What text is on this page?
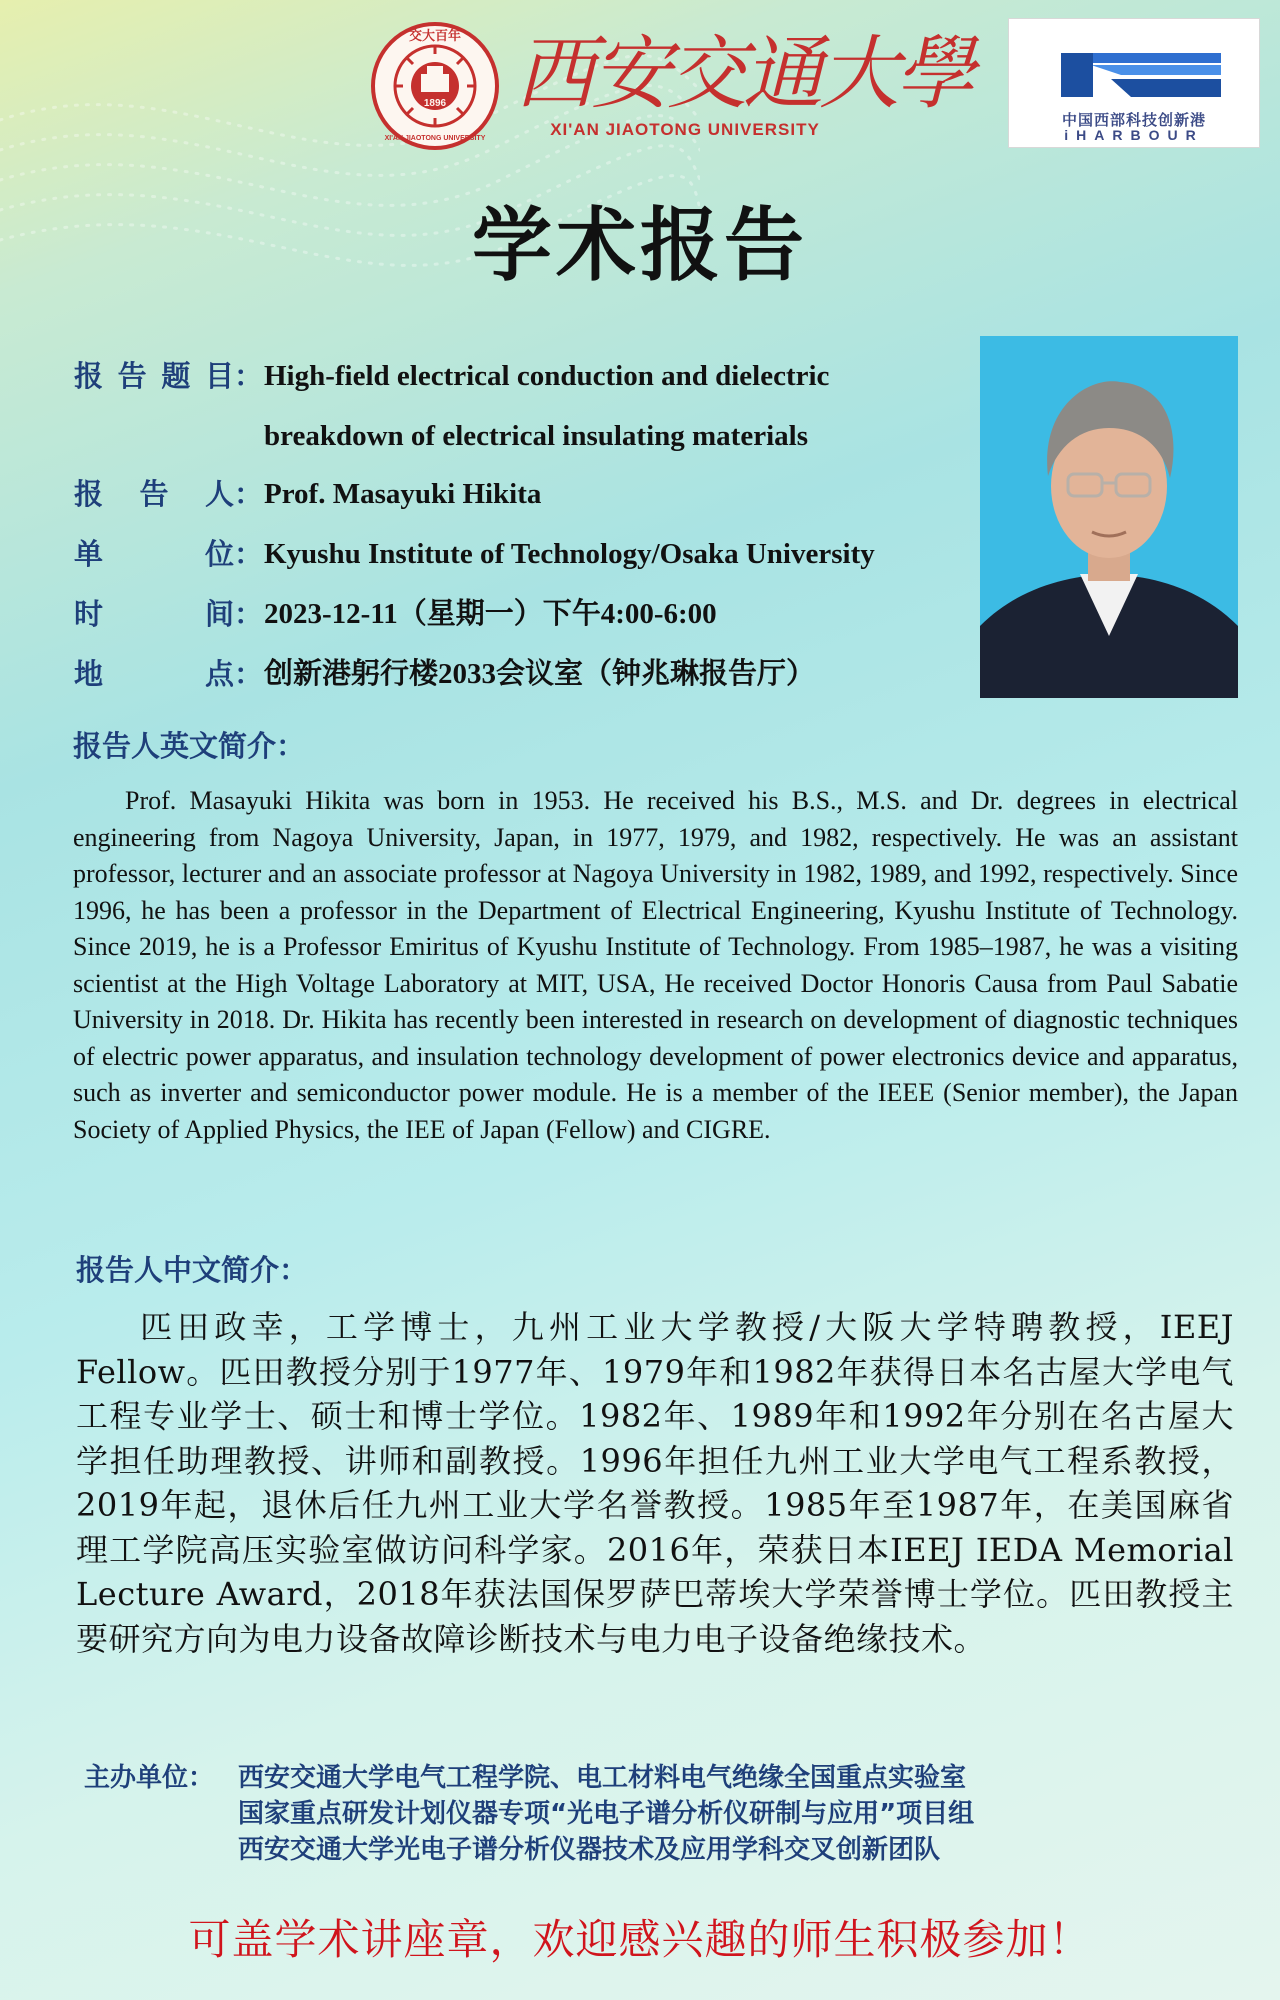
1896
交大百年
XI'AN JIAOTONG UNIVERSITY
西安交通大學
XI'AN JIAOTONG UNIVERSITY	中国西部科技创新港
iHARBOUR
学术报告
报告题目 ： High-field electrical conduction and dielectric
breakdown of electrical insulating materials
报 告 人 ： Prof. Masayuki Hikita
单 位 ： Kyushu Institute of Technology/Osaka University
时 间 ： 2023-12-11（星期一）下午4:00-6:00
地 点 ： 创新港躬行楼2033会议室（钟兆琳报告厅）
报告人英文简介：

Prof. Masayuki Hikita was born in 1953. He received his B.S., M.S. and Dr. degrees in electrical engineering from Nagoya University, Japan, in 1977, 1979, and 1982, respectively. He was an assistant professor, lecturer and an associate professor at Nagoya University in 1982, 1989, and 1992, respectively. Since 1996, he has been a professor in the Department of Electrical Engineering, Kyushu Institute of Technology. Since 2019, he is a Professor Emiritus of Kyushu Institute of Technology. From 1985–1987, he was a visiting scientist at the High Voltage Laboratory at MIT, USA, He received Doctor Honoris Causa from Paul Sabatie University in 2018. Dr. Hikita has recently been interested in research on development of diagnostic techniques of electric power apparatus, and insulation technology development of power electronics device and apparatus, such as inverter and semiconductor power module. He is a member of the IEEE (Senior member), the Japan Society of Applied Physics, the IEE of Japan (Fellow) and CIGRE.

报告人中文简介：

匹田政幸，工学博士，九州工业大学教授/大阪大学特聘教授，IEEJ Fellow。匹田教授分别于1977年、1979年和1982年获得日本名古屋大学电气工程专业学士、硕士和博士学位。1982年、1989年和1992年分别在名古屋大学担任助理教授、讲师和副教授。1996年担任九州工业大学电气工程系教授，2019年起，退休后任九州工业大学名誉教授。1985年至1987年，在美国麻省理工学院高压实验室做访问科学家。2016年，荣获日本IEEJ IEDA Memorial Lecture Award，2018年获法国保罗萨巴蒂埃大学荣誉博士学位。匹田教授主要研究方向为电力设备故障诊断技术与电力电子设备绝缘技术。

主办单位： 西安交通大学电气工程学院、电工材料电气绝缘全国重点实验室
国家重点研发计划仪器专项“光电子谱分析仪研制与应用”项目组
西安交通大学光电子谱分析仪器技术及应用学科交叉创新团队
可盖学术讲座章，欢迎感兴趣的师生积极参加！
